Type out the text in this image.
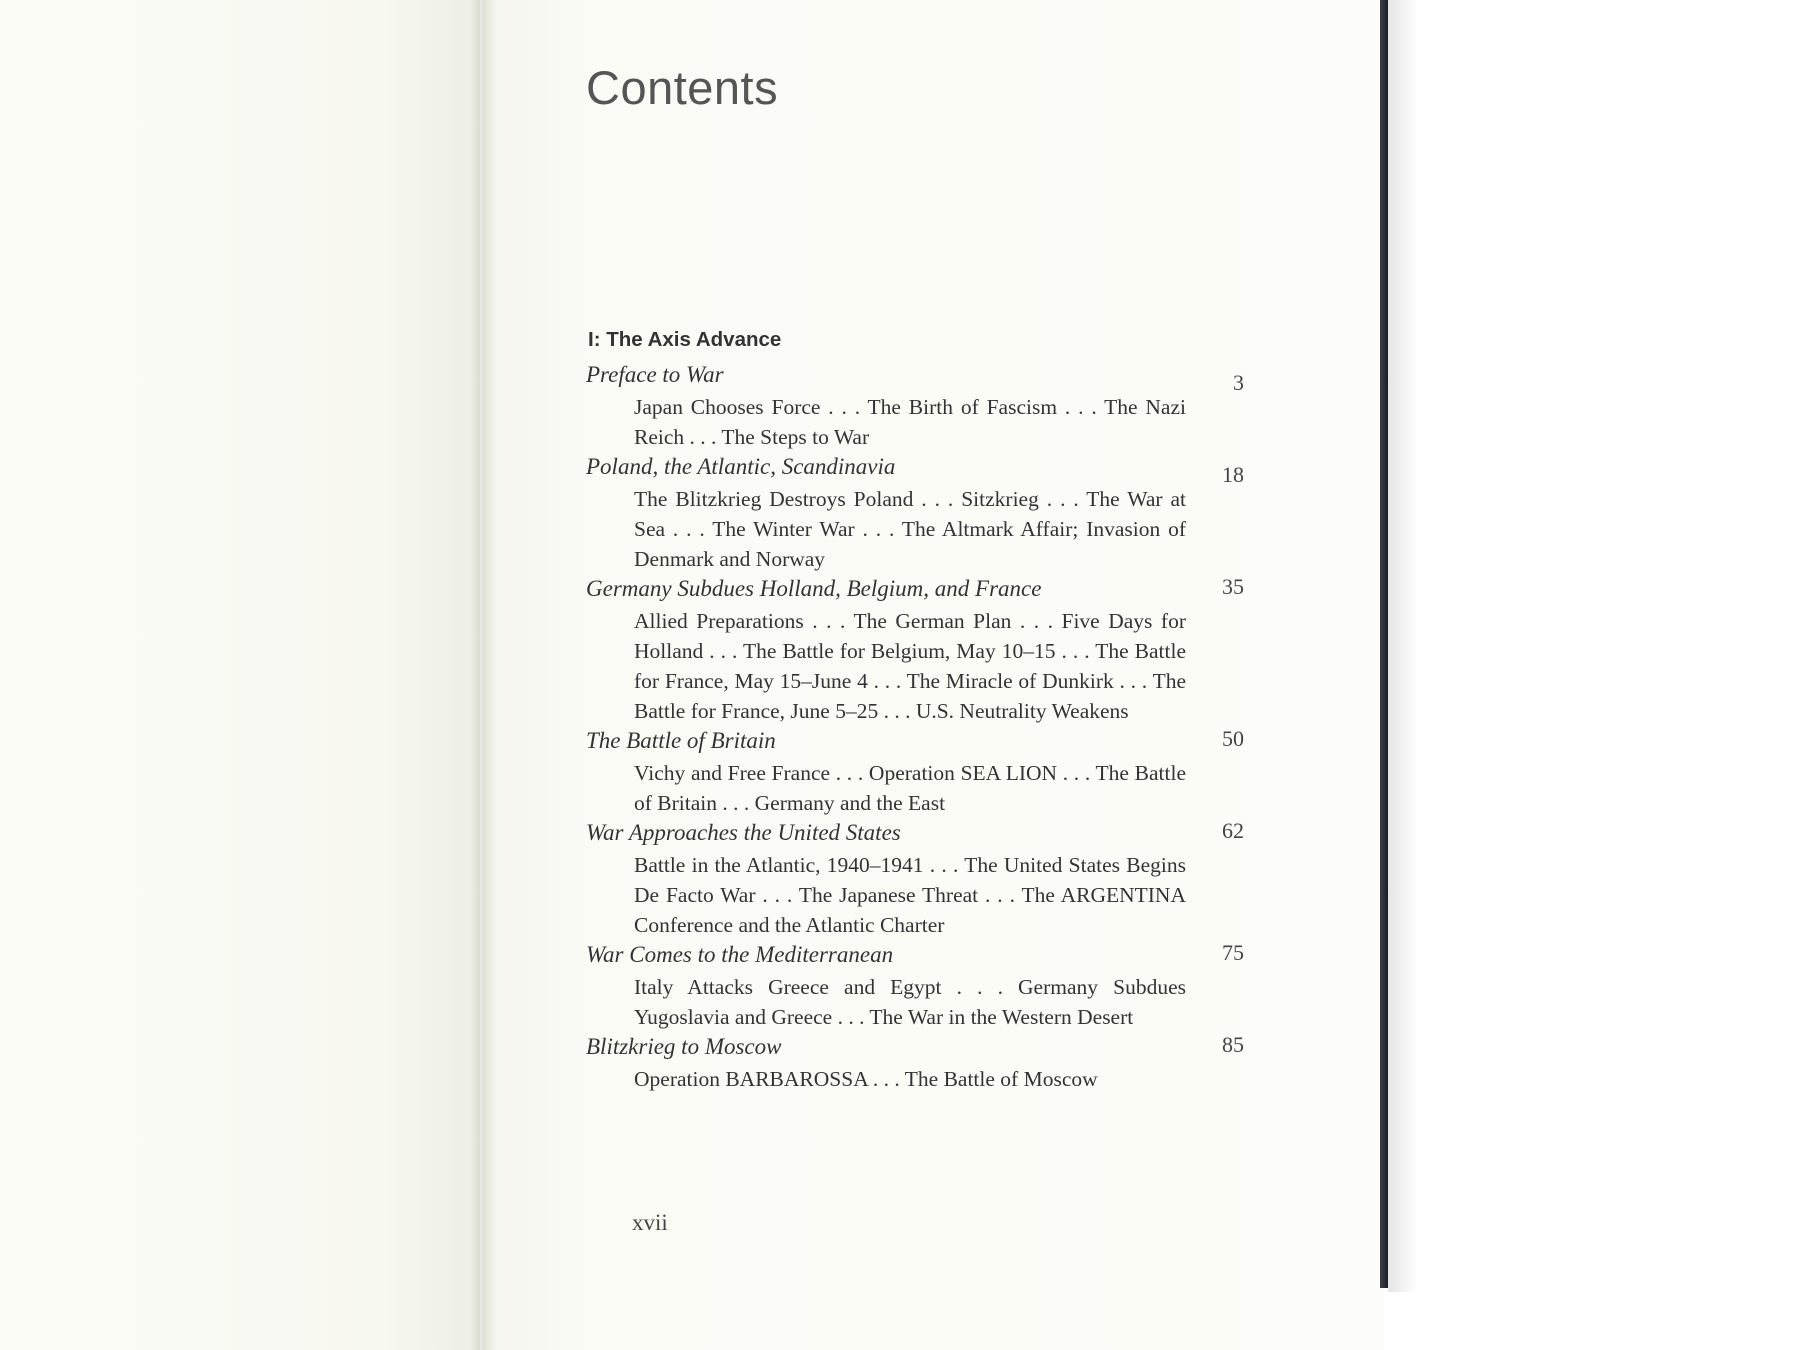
Contents
I: The Axis Advance
Preface to War	3

Japan Chooses Force . . . The Birth of Fascism . . . The Nazi Reich . . . The Steps to War

Poland, the Atlantic, Scandinavia	18

The Blitzkrieg Destroys Poland . . . Sitzkrieg . . . The War at Sea . . . The Winter War . . . The Altmark Affair; Invasion of Denmark and Norway

Germany Subdues Holland, Belgium, and France	35

Allied Preparations . . . The German Plan . . . Five Days for Holland . . . The Battle for Belgium, May 10–15 . . . The Battle for France, May 15–June 4 . . . The Miracle of Dunkirk . . . The Battle for France, June 5–25 . . . U.S. Neutrality Weakens

The Battle of Britain	50

Vichy and Free France . . . Operation SEA LION . . . The Battle of Britain . . . Germany and the East

War Approaches the United States	62

Battle in the Atlantic, 1940–1941 . . . The United States Begins De Facto War . . . The Japanese Threat . . . The ARGENTINA Conference and the Atlantic Charter

War Comes to the Mediterranean	75

Italy Attacks Greece and Egypt . . . Germany Subdues Yugoslavia and Greece . . . The War in the Western Desert

Blitzkrieg to Moscow	85

Operation BARBAROSSA . . . The Battle of Moscow

xvii
